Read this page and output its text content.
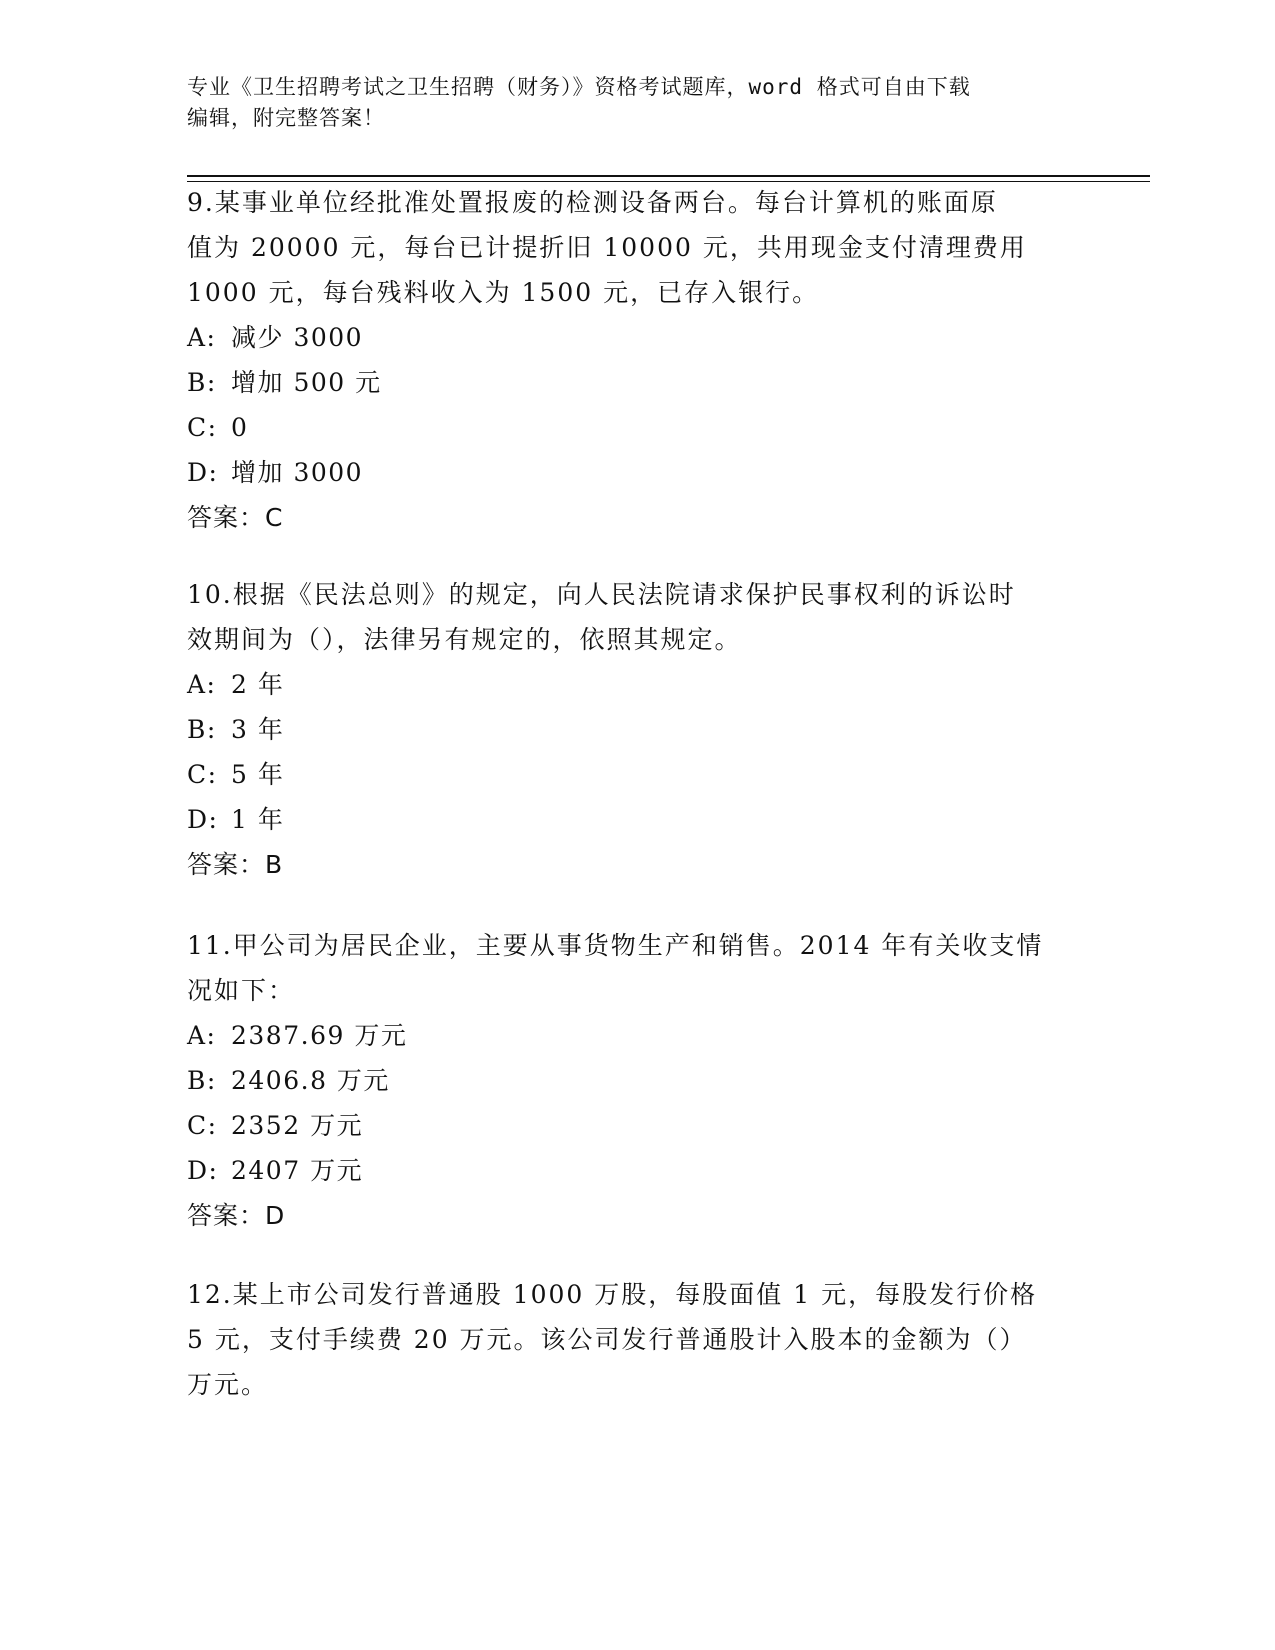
专业《卫生招聘考试之卫生招聘（财务）》资格考试题库，word 格式可自由下载
编辑，附完整答案！

9.某事业单位经批准处置报废的检测设备两台。每台计算机的账面原

值为 20000 元，每台已计提折旧 10000 元，共用现金支付清理费用

1000 元，每台残料收入为 1500 元，已存入银行。

A: 减少 3000
B: 增加 500 元
C: 0
D: 增加 3000

答案：C

10.根据《民法总则》的规定，向人民法院请求保护民事权利的诉讼时

效期间为（），法律另有规定的，依照其规定。

A: 2 年
B: 3 年
C: 5 年
D: 1 年

答案：B

11.甲公司为居民企业，主要从事货物生产和销售。2014 年有关收支情

况如下：

A: 2387.69 万元
B: 2406.8 万元
C: 2352 万元
D: 2407 万元

答案：D

12.某上市公司发行普通股 1000 万股，每股面值 1 元，每股发行价格

5 元，支付手续费 20 万元。该公司发行普通股计入股本的金额为（）

万元。
